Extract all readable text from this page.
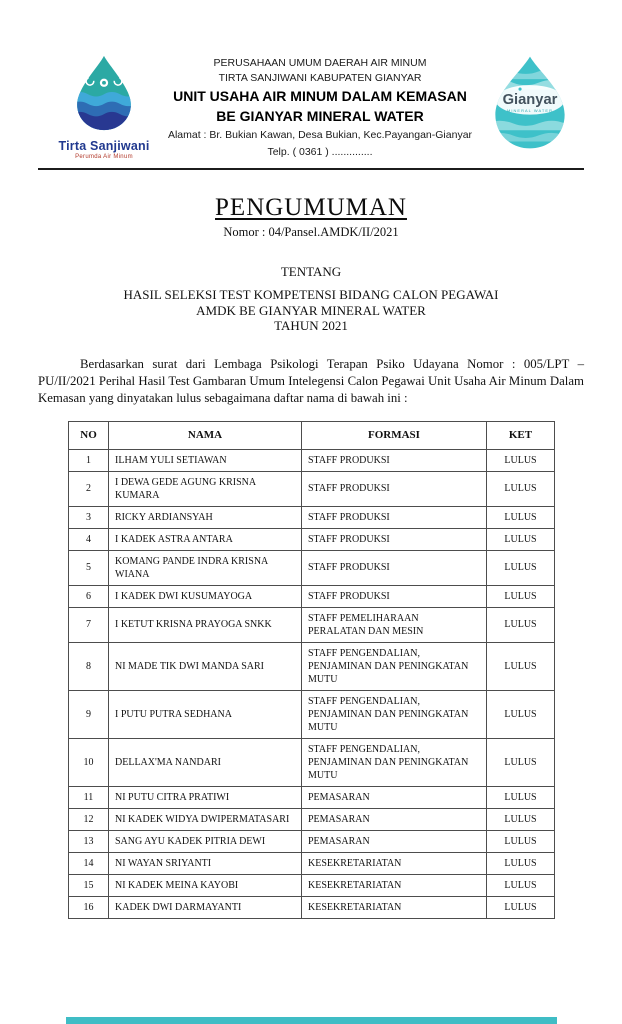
Tirta Sanjiwani
Perumda Air Minum
PERUSAHAAN UMUM DAERAH AIR MINUM
TIRTA SANJIWANI KABUPATEN GIANYAR
UNIT USAHA AIR MINUM DALAM KEMASAN
BE GIANYAR MINERAL WATER
Alamat : Br. Bukian Kawan, Desa Bukian, Kec.Payangan-Gianyar
Telp. ( 0361 ) ..............
Gianyar
MINERAL WATER
PENGUMUMAN
Nomor : 04/Pansel.AMDK/II/2021
TENTANG
HASIL SELEKSI TEST KOMPETENSI BIDANG CALON PEGAWAI
AMDK BE GIANYAR MINERAL WATER
TAHUN 2021

Berdasarkan surat dari Lembaga Psikologi Terapan Psiko Udayana Nomor : 005/LPT – PU/II/2021 Perihal Hasil Test Gambaran Umum Intelegensi Calon Pegawai Unit Usaha Air Minum Dalam Kemasan yang dinyatakan lulus sebagaimana daftar nama di bawah ini :

NO	NAMA	FORMASI	KET
1	ILHAM YULI SETIAWAN	STAFF PRODUKSI	LULUS
2	I DEWA GEDE AGUNG KRISNA KUMARA	STAFF PRODUKSI	LULUS
3	RICKY ARDIANSYAH	STAFF PRODUKSI	LULUS
4	I KADEK ASTRA ANTARA	STAFF PRODUKSI	LULUS
5	KOMANG PANDE INDRA KRISNA WIANA	STAFF PRODUKSI	LULUS
6	I KADEK DWI KUSUMAYOGA	STAFF PRODUKSI	LULUS
7	I KETUT KRISNA PRAYOGA SNKK	STAFF PEMELIHARAAN PERALATAN DAN MESIN	LULUS
8	NI MADE TIK DWI MANDA SARI	STAFF PENGENDALIAN, PENJAMINAN DAN PENINGKATAN MUTU	LULUS
9	I PUTU PUTRA SEDHANA	STAFF PENGENDALIAN, PENJAMINAN DAN PENINGKATAN MUTU	LULUS
10	DELLAX'MA NANDARI	STAFF PENGENDALIAN, PENJAMINAN DAN PENINGKATAN MUTU	LULUS
11	NI PUTU CITRA PRATIWI	PEMASARAN	LULUS
12	NI KADEK WIDYA DWIPERMATASARI	PEMASARAN	LULUS
13	SANG AYU KADEK PITRIA DEWI	PEMASARAN	LULUS
14	NI WAYAN SRIYANTI	KESEKRETARIATAN	LULUS
15	NI KADEK MEINA KAYOBI	KESEKRETARIATAN	LULUS
16	KADEK DWI DARMAYANTI	KESEKRETARIATAN	LULUS
